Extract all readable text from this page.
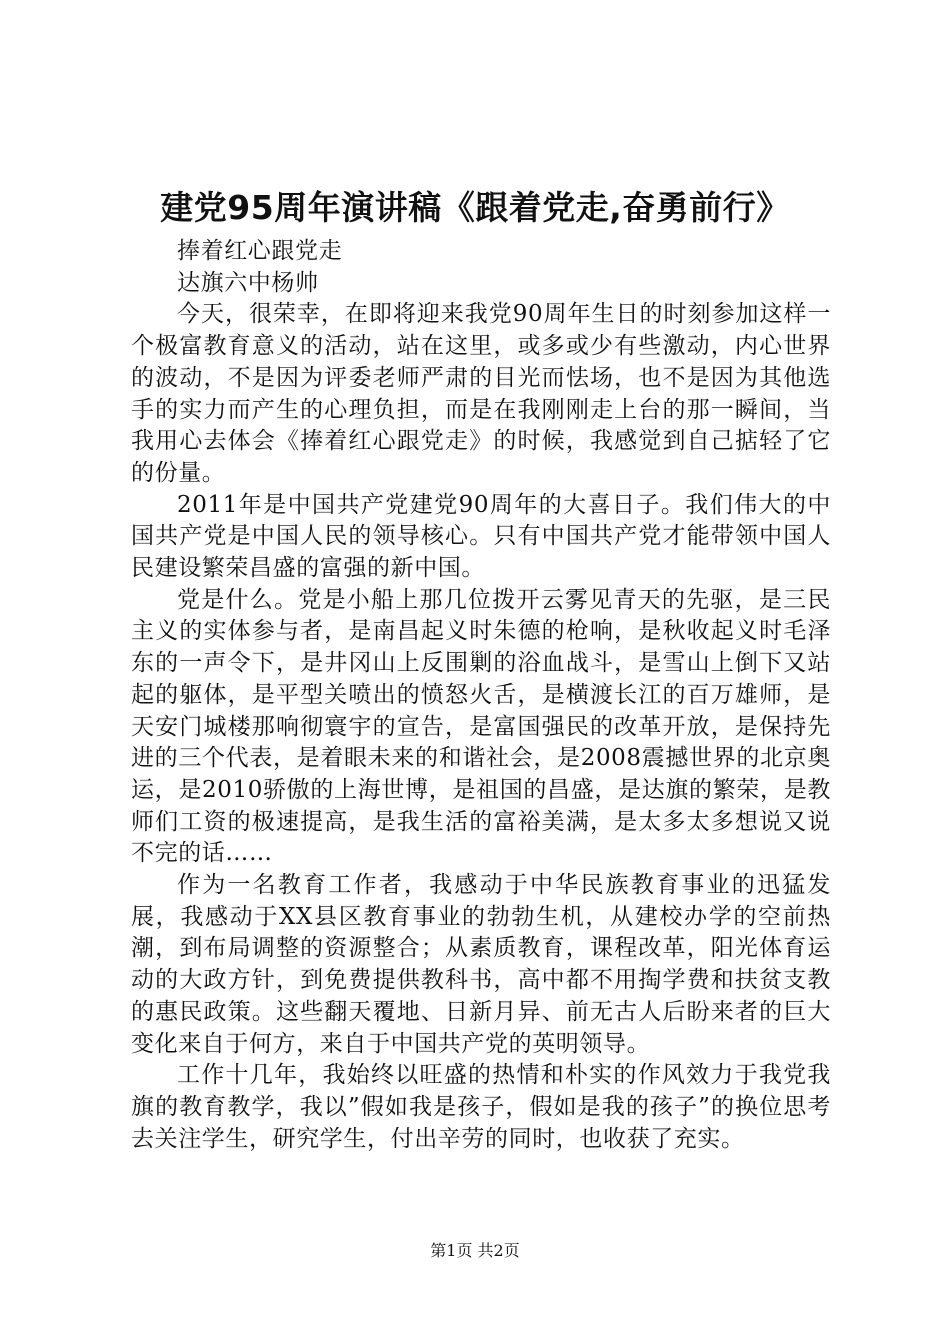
建党95周年演讲稿《跟着党走,奋勇前行》

捧着红心跟党走

达旗六中杨帅

今天，很荣幸，在即将迎来我党90周年生日的时刻参加这样一个极富教育意义的活动，站在这里，或多或少有些激动，内心世界的波动，不是因为评委老师严肃的目光而怯场，也不是因为其他选手的实力而产生的心理负担，而是在我刚刚走上台的那一瞬间，当我用心去体会《捧着红心跟党走》的时候，我感觉到自己掂轻了它的份量。

2011年是中国共产党建党90周年的大喜日子。我们伟大的中国共产党是中国人民的领导核心。只有中国共产党才能带领中国人民建设繁荣昌盛的富强的新中国。

党是什么。党是小船上那几位拨开云雾见青天的先驱，是三民主义的实体参与者，是南昌起义时朱德的枪响，是秋收起义时毛泽东的一声令下，是井冈山上反围剿的浴血战斗，是雪山上倒下又站起的躯体，是平型关喷出的愤怒火舌，是横渡长江的百万雄师，是天安门城楼那响彻寰宇的宣告，是富国强民的改革开放，是保持先进的三个代表，是着眼未来的和谐社会，是2008震撼世界的北京奥运，是2010骄傲的上海世博，是祖国的昌盛，是达旗的繁荣，是教师们工资的极速提高，是我生活的富裕美满，是太多太多想说又说不完的话……

作为一名教育工作者，我感动于中华民族教育事业的迅猛发展，我感动于XX县区教育事业的勃勃生机，从建校办学的空前热潮，到布局调整的资源整合；从素质教育，课程改革，阳光体育运动的大政方针，到免费提供教科书，高中都不用掏学费和扶贫支教的惠民政策。这些翻天覆地、日新月异、前无古人后盼来者的巨大变化来自于何方，来自于中国共产党的英明领导。

工作十几年，我始终以旺盛的热情和朴实的作风效力于我党我旗的教育教学，我以”假如我是孩子，假如是我的孩子”的换位思考去关注学生，研究学生，付出辛劳的同时，也收获了充实。

第1页 共2页
